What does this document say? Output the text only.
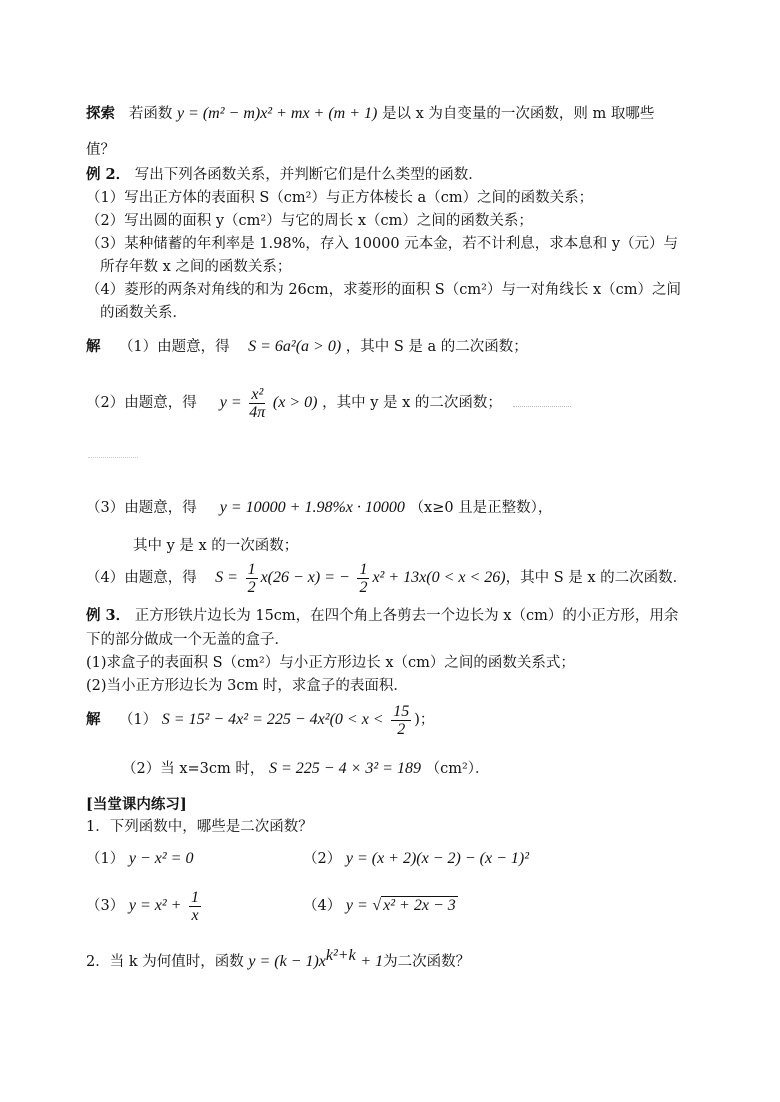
探索 若函数 y = (m² − m)x² + mx + (m + 1) 是以 x 为自变量的一次函数，则 m 取哪些
值？
例 2． 写出下列各函数关系，并判断它们是什么类型的函数．
（1）写出正方体的表面积 S（cm²）与正方体棱长 a（cm）之间的函数关系；
（2）写出圆的面积 y（cm²）与它的周长 x（cm）之间的函数关系；
（3）某种储蓄的年利率是 1.98%，存入 10000 元本金，若不计利息，求本息和 y（元）与
所存年数 x 之间的函数关系；
（4）菱形的两条对角线的和为 26cm，求菱形的面积 S（cm²）与一对角线长 x（cm）之间
的函数关系．
解 （1）由题意，得 S = 6a²(a > 0) ，其中 S 是 a 的二次函数；
（2）由题意，得 $y = \frac{\text{x²}}{4\pi} (x > 0)$ ，其中 y 是 x 的二次函数；
（3）由题意，得 y = 10000 + 1.98%x · 10000 （x≥0 且是正整数），
其中 y 是 x 的一次函数；
（4）由题意，得 $S = \frac{1}{2} x(26 - x)$ = − $\frac{1}{2} x^2 + 13x(0 < x < 26)$，其中 S 是 x 的二次函数．
例 3． 正方形铁片边长为 15cm，在四个角上各剪去一个边长为 x（cm）的小正方形，用余
下的部分做成一个无盖的盒子．
(1)求盒子的表面积 S（cm²）与小正方形边长 x（cm）之间的函数关系式；
(2)当小正方形边长为 3cm 时，求盒子的表面积．
解 （1） $S = 15^2 - 4x^2 = 225 - 4x^2(0 < x < \frac{15}{2}$ )；
（2）当 x=3cm 时， S = 225 − 4 × 3² = 189 （cm²）．
[当堂课内练习]
1．下列函数中，哪些是二次函数？
（1） y − x² = 0	（2） y = (x + 2)(x − 2) − (x − 1)²
（3） $y = x^2 + \frac{1}{x}$	（4） y = √ x² + 2x − 3
2．当 k 为何值时，函数 $y = (k - 1)x^{k^2+k} + 1$为二次函数？
